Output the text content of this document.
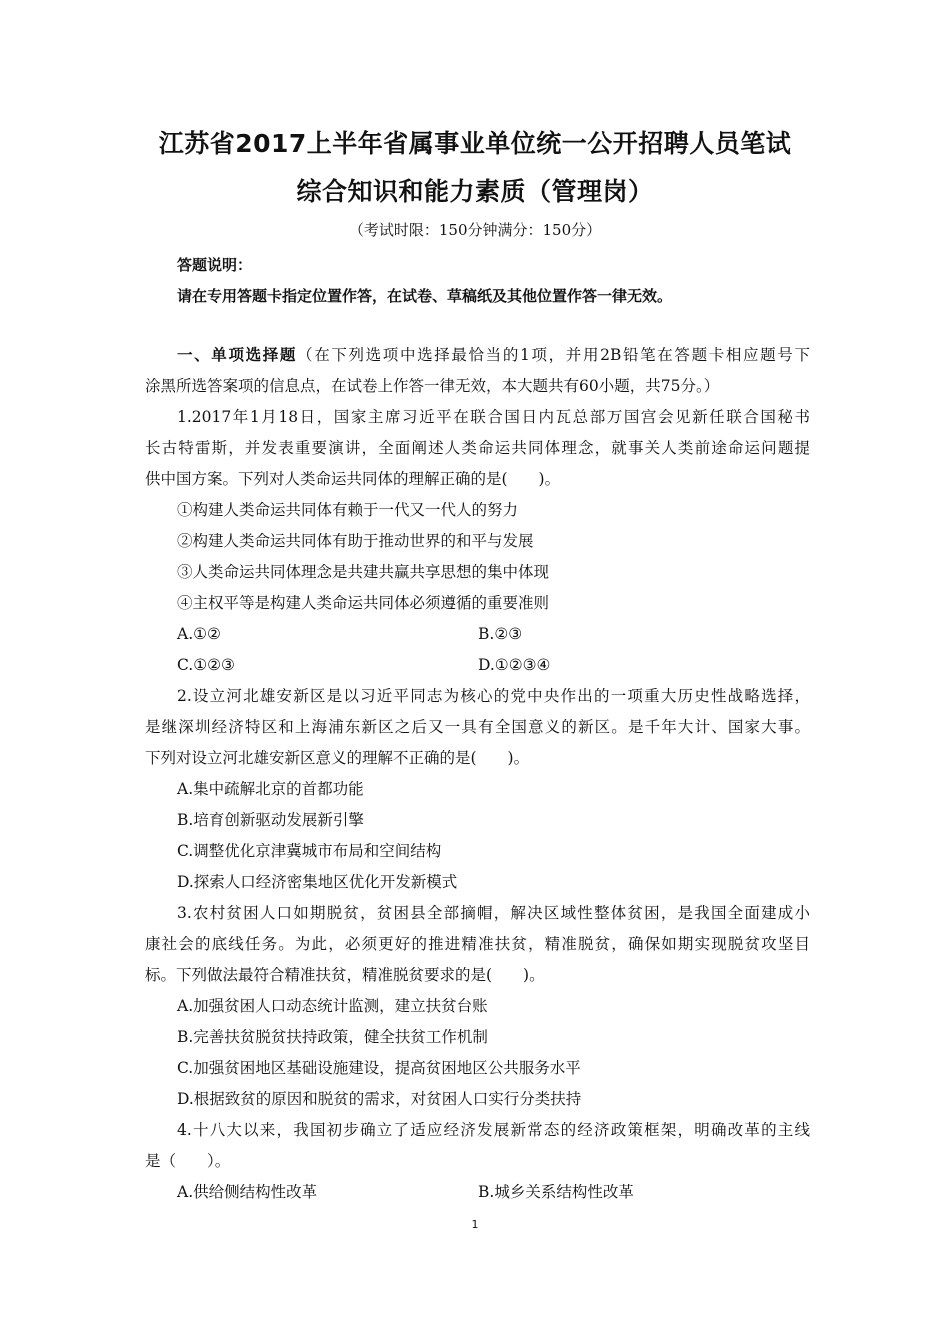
江苏省2017上半年省属事业单位统一公开招聘人员笔试
综合知识和能力素质（管理岗）
（考试时限：150分钟满分：150分）
答题说明：
请在专用答题卡指定位置作答，在试卷、草稿纸及其他位置作答一律无效。
一、单项选择题（在下列选项中选择最恰当的1项，并用2B铅笔在答题卡相应题号下
涂黑所选答案项的信息点，在试卷上作答一律无效，本大题共有60小题，共75分。）
1.2017年1月18日，国家主席习近平在联合国日内瓦总部万国宫会见新任联合国秘书
长古特雷斯，并发表重要演讲，全面阐述人类命运共同体理念，就事关人类前途命运问题提
供中国方案。下列对人类命运共同体的理解正确的是(　　)。
①构建人类命运共同体有赖于一代又一代人的努力
②构建人类命运共同体有助于推动世界的和平与发展
③人类命运共同体理念是共建共赢共享思想的集中体现
④主权平等是构建人类命运共同体必须遵循的重要准则
A.①②	B.②③
C.①②③	D.①②③④
2.设立河北雄安新区是以习近平同志为核心的党中央作出的一项重大历史性战略选择，
是继深圳经济特区和上海浦东新区之后又一具有全国意义的新区。是千年大计、国家大事。
下列对设立河北雄安新区意义的理解不正确的是(　　)。
A.集中疏解北京的首都功能
B.培育创新驱动发展新引擎
C.调整优化京津冀城市布局和空间结构
D.探索人口经济密集地区优化开发新模式
3.农村贫困人口如期脱贫，贫困县全部摘帽，解决区域性整体贫困，是我国全面建成小
康社会的底线任务。为此，必须更好的推进精准扶贫，精准脱贫，确保如期实现脱贫攻坚目
标。下列做法最符合精准扶贫，精准脱贫要求的是(　　)。
A.加强贫困人口动态统计监测，建立扶贫台账
B.完善扶贫脱贫扶持政策，健全扶贫工作机制
C.加强贫困地区基础设施建设，提高贫困地区公共服务水平
D.根据致贫的原因和脱贫的需求，对贫困人口实行分类扶持
4.十八大以来，我国初步确立了适应经济发展新常态的经济政策框架，明确改革的主线
是（　　）。
A.供给侧结构性改革	B.城乡关系结构性改革
1
